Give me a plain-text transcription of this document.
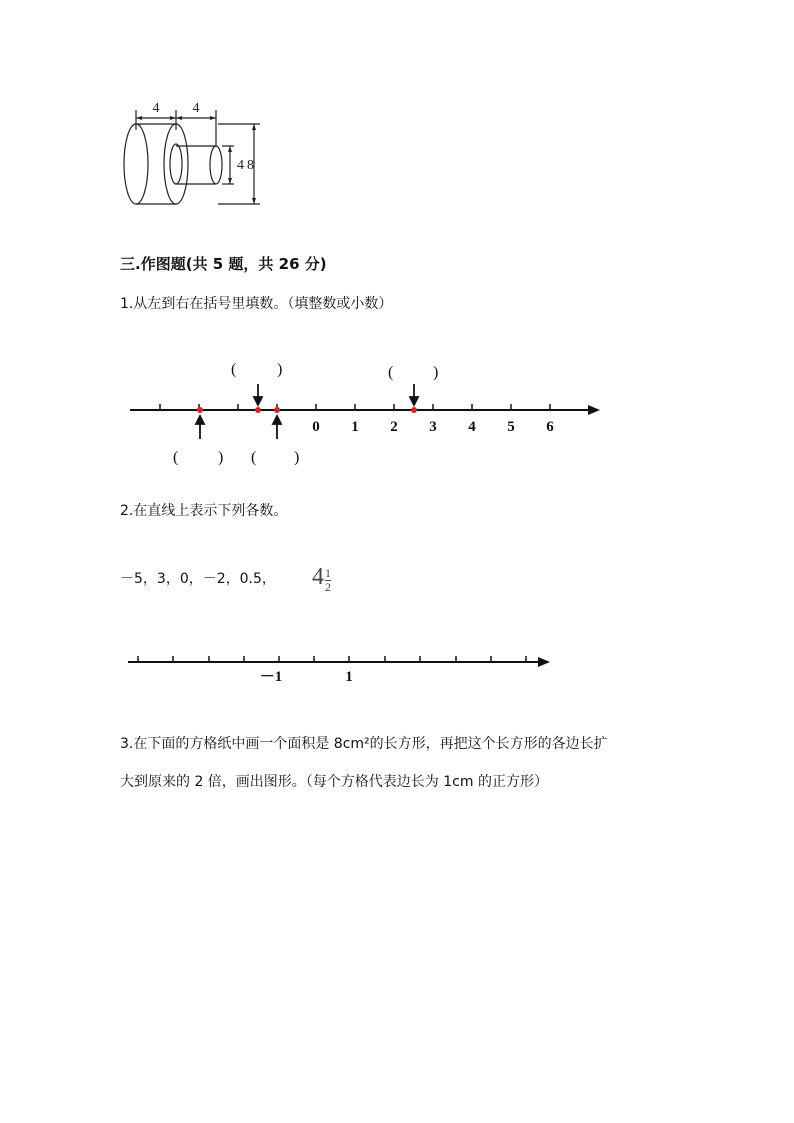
4 4
4 8
三.作图题(共 5 题，共 26 分)
1.从左到右在括号里填数。（填整数或小数）
0 1 2 3 4 5 6
(	)	( )
( ) ( )
2.在直线上表示下列各数。
－5，3，0，－2，0.5， $4 \frac{1}{2}$
－1	1
3.在下面的方格纸中画一个面积是 8cm²的长方形，再把这个长方形的各边长扩
大到原来的 2 倍，画出图形。（每个方格代表边长为 1cm 的正方形）
